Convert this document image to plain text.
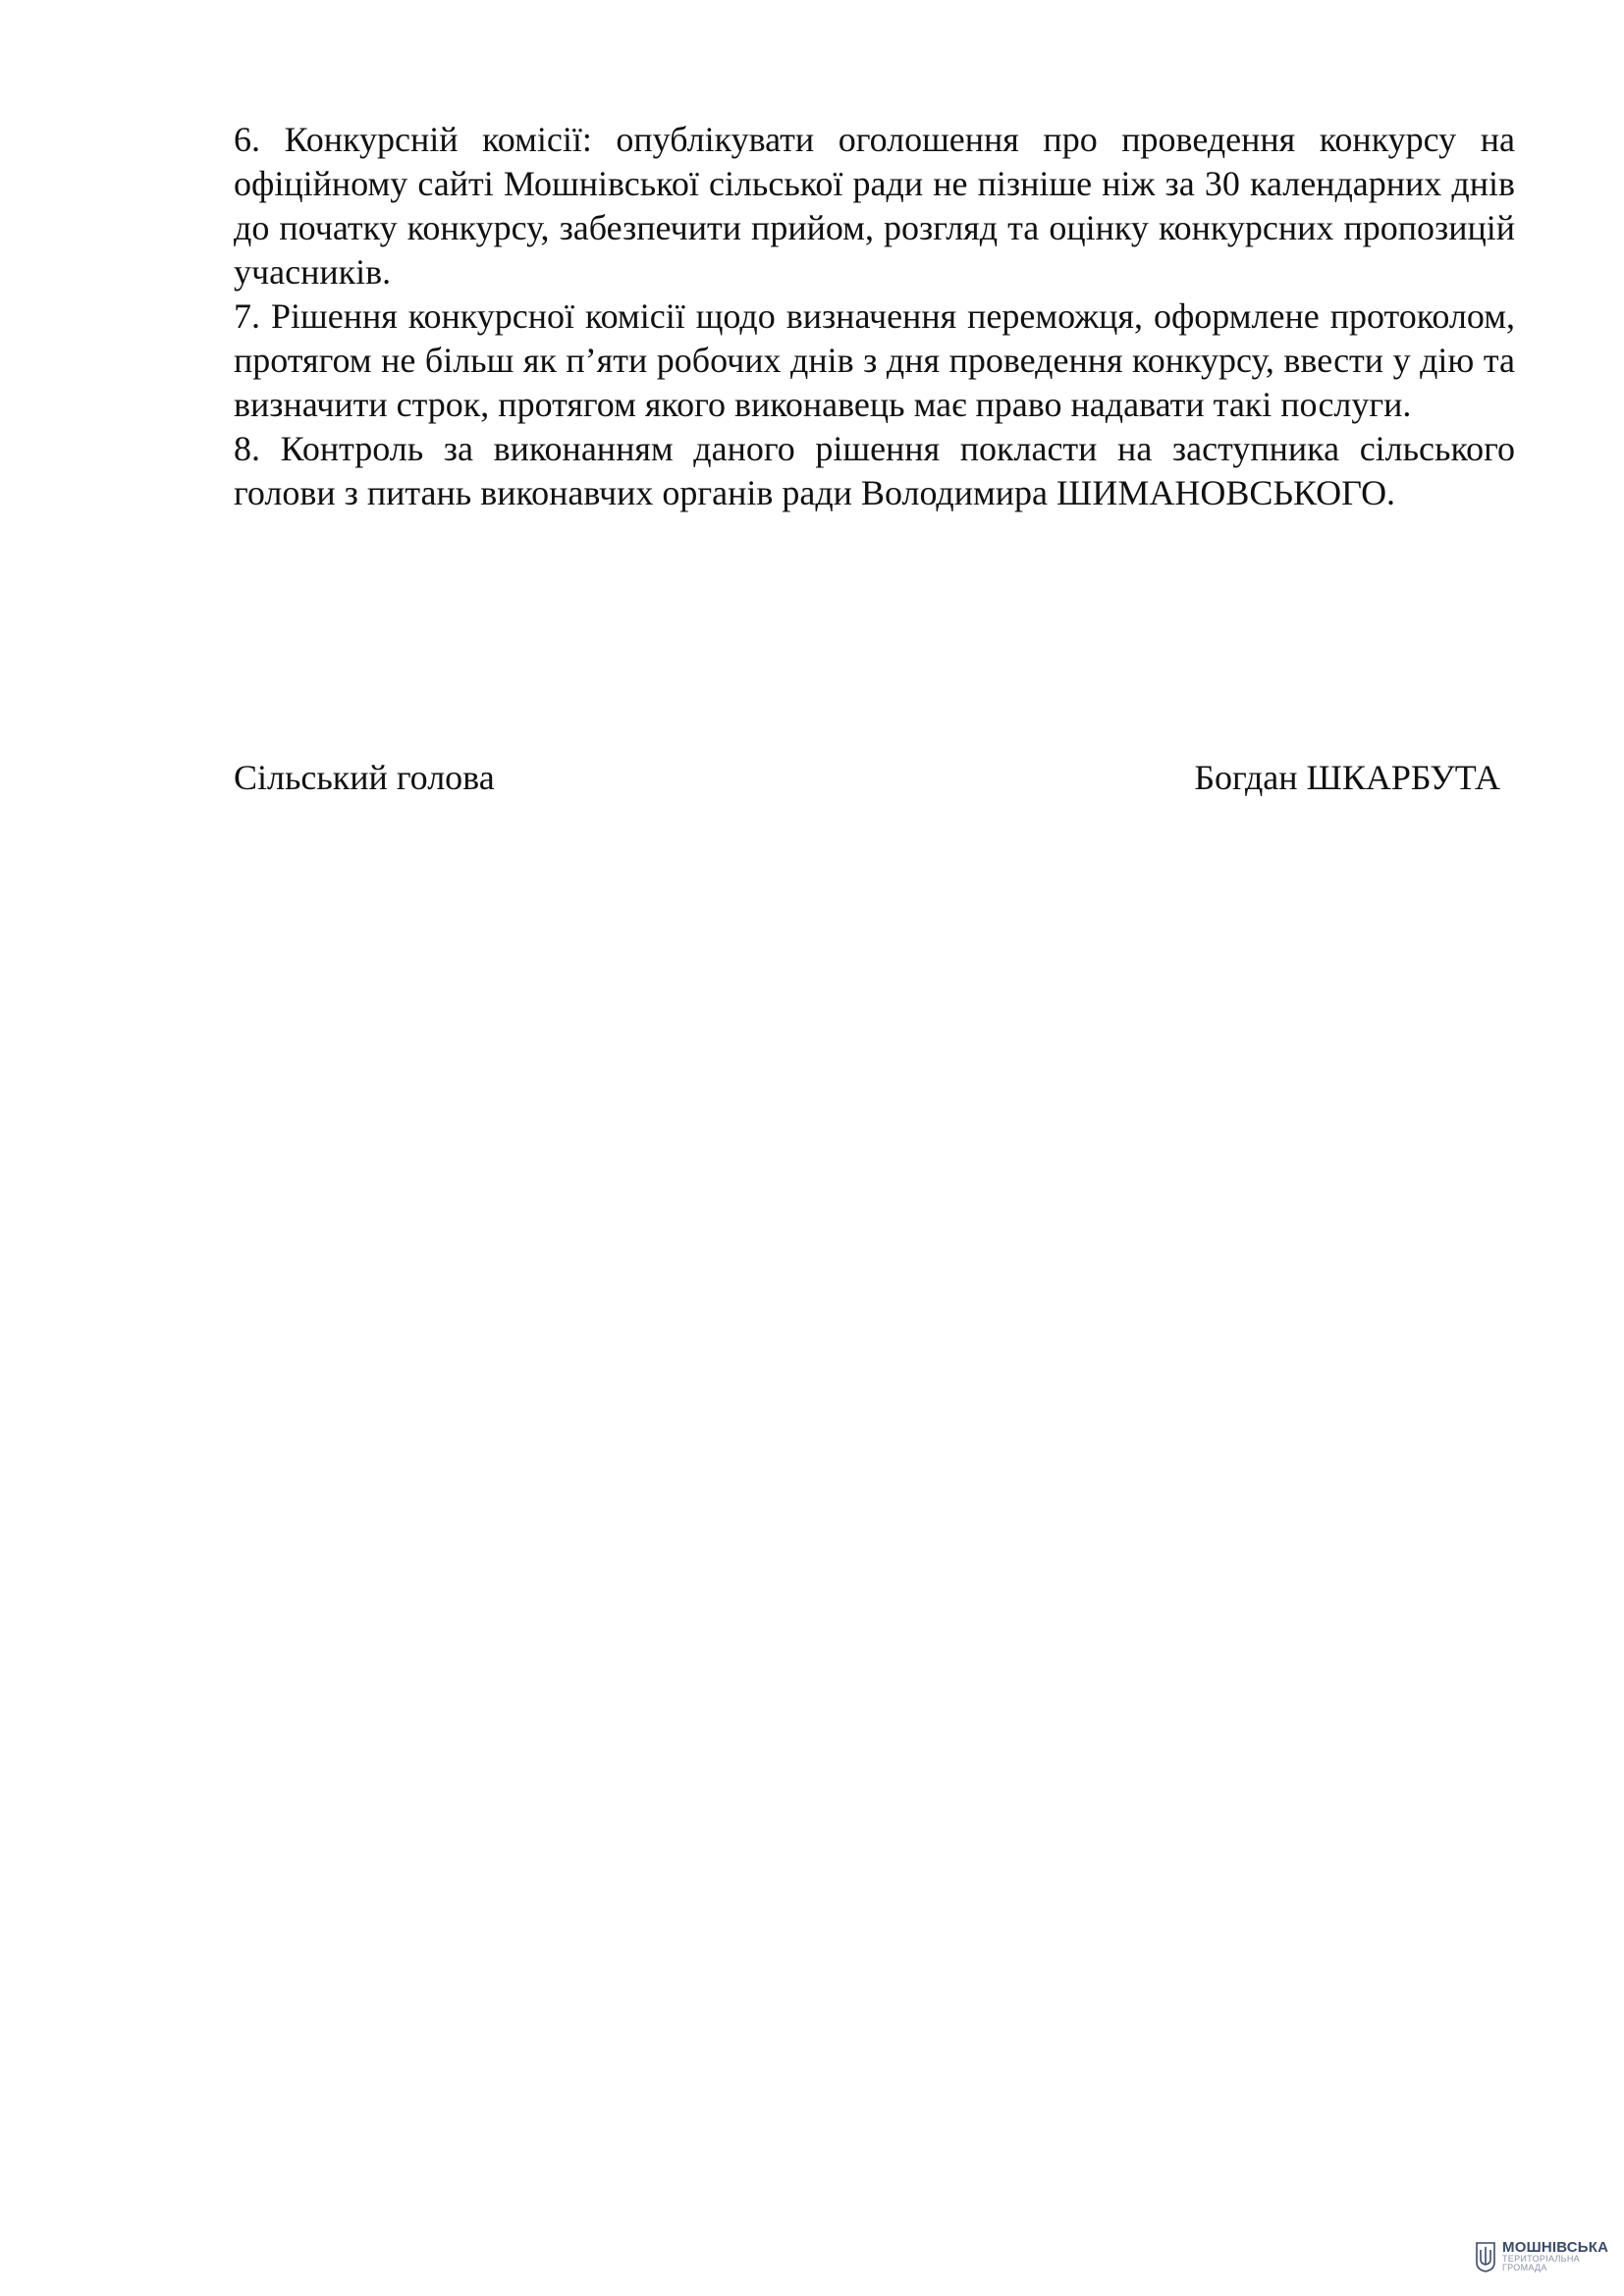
6. Конкурсній комісії: опублікувати оголошення про проведення конкурсу на офіційному сайті Мошнівської сільської ради не пізніше ніж за 30 календарних днів до початку конкурсу, забезпечити прийом, розгляд та оцінку конкурсних пропозицій учасників.

7. Рішення конкурсної комісії щодо визначення переможця, оформлене протоколом, протягом не більш як п’яти робочих днів з дня проведення конкурсу, ввести у дію та визначити строк, протягом якого виконавець має право надавати такі послуги.

8. Контроль за виконанням даного рішення покласти на заступника сільського голови з питань виконавчих органів ради Володимира ШИМАНОВСЬКОГО.

Сільський голова	Богдан ШКАРБУТА
МОШНІВСЬКА
ТЕРИТОРІАЛЬНА
ГРОМАДА
